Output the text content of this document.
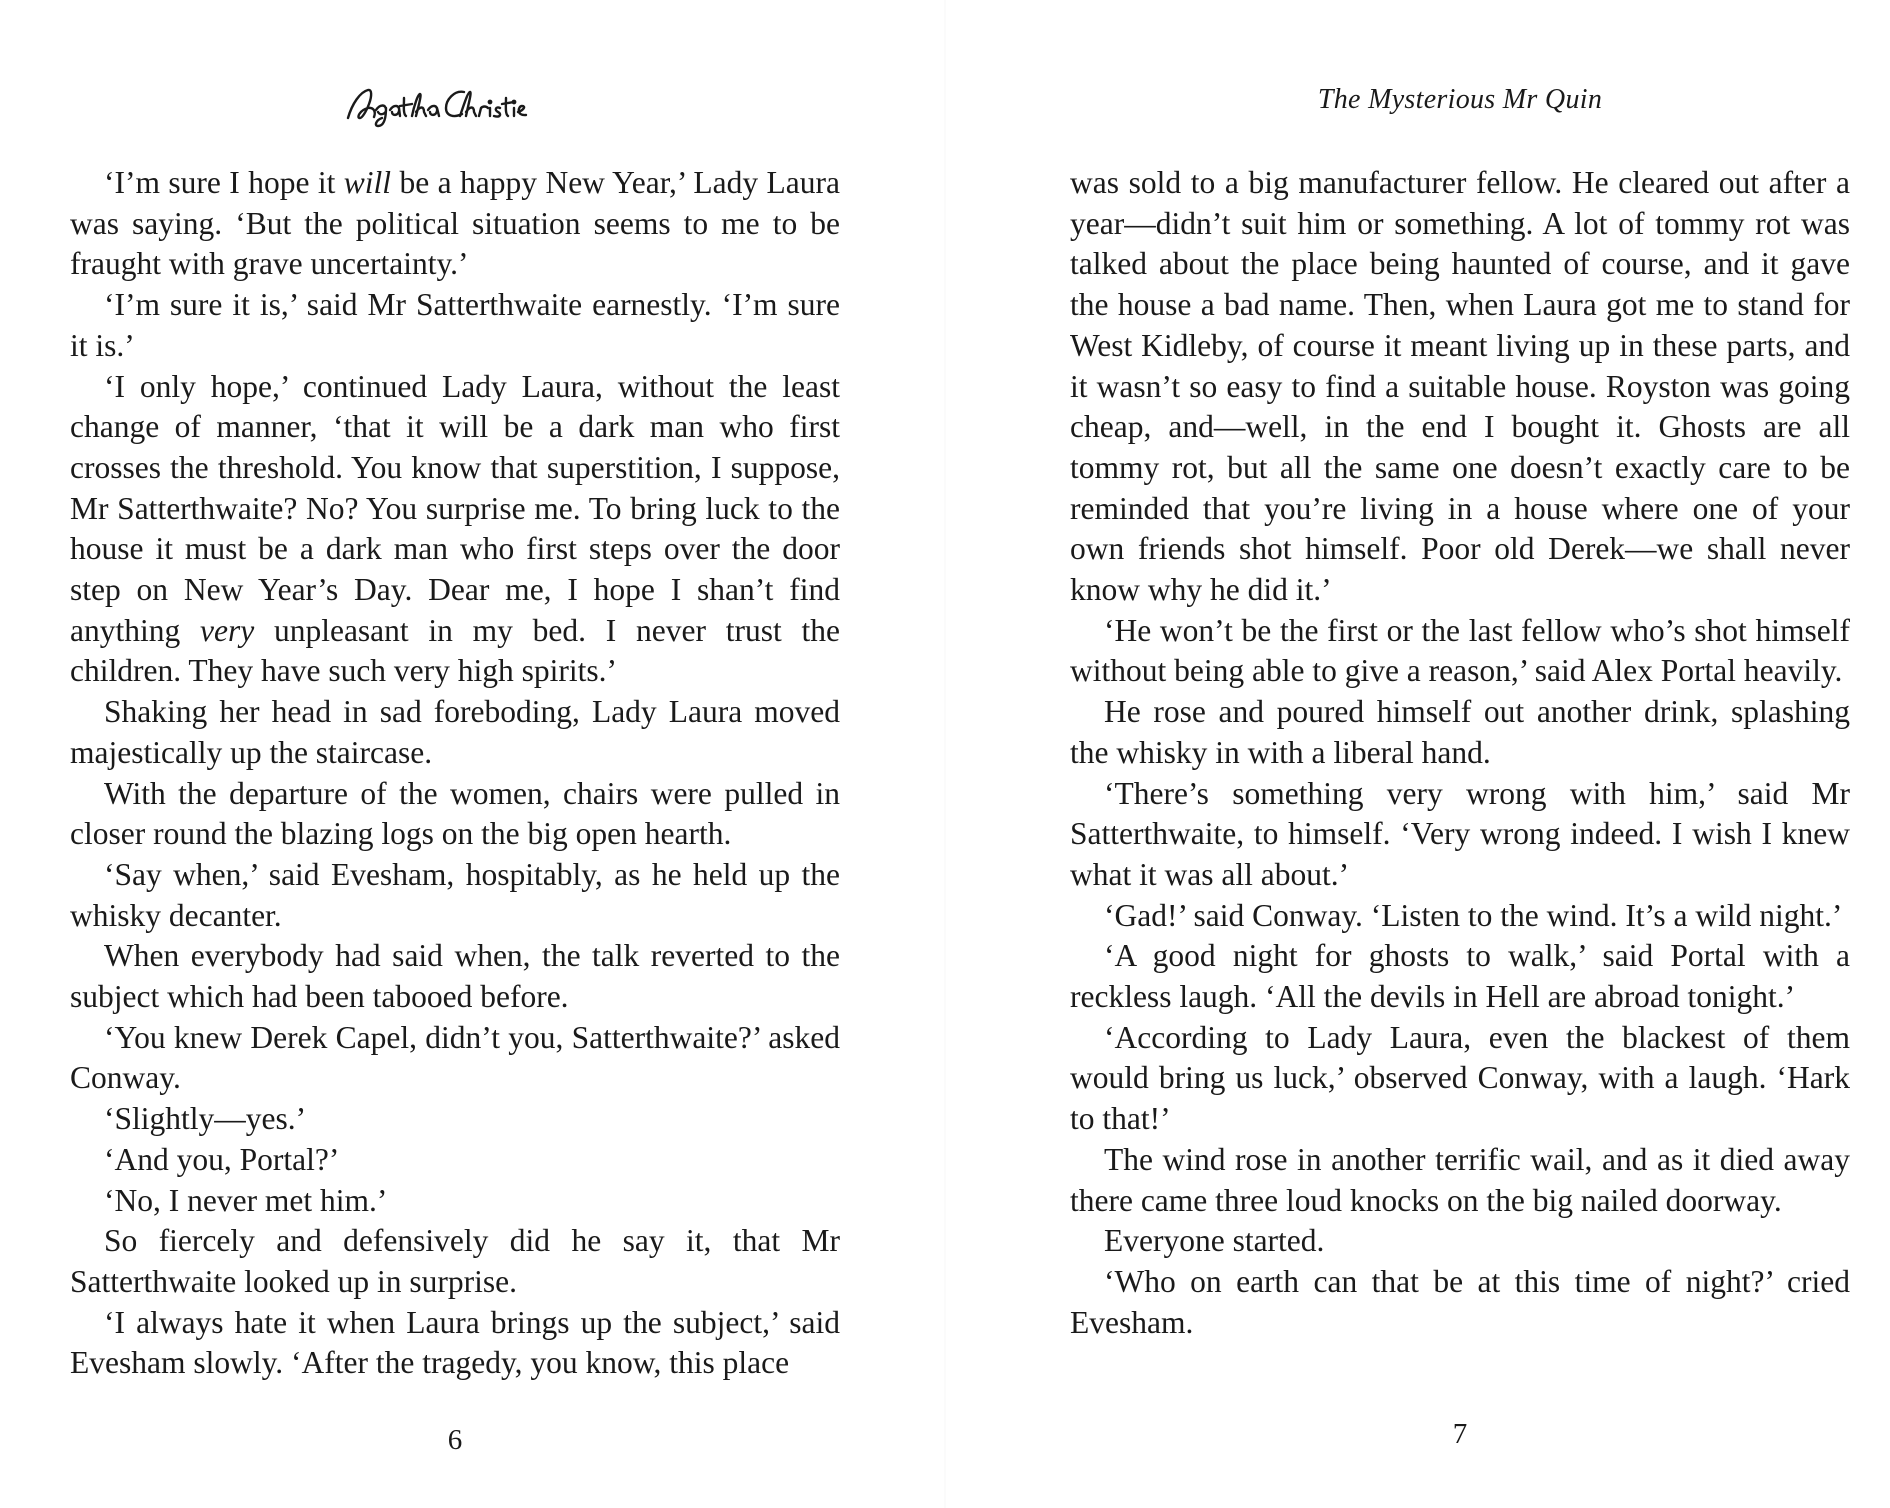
‘I’m sure I hope it will be a happy New Year,’ Lady Laura was saying. ‘But the political situation seems to me to be fraught with grave uncertainty.’

‘I’m sure it is,’ said Mr Satterthwaite earnestly. ‘I’m sure it is.’

‘I only hope,’ continued Lady Laura, without the least change of manner, ‘that it will be a dark man who first crosses the threshold. You know that superstition, I suppose, Mr Satterthwaite? No? You surprise me. To bring luck to the house it must be a dark man who first steps over the door step on New Year’s Day. Dear me, I hope I shan’t find anything very unpleasant in my bed. I never trust the children. They have such very high spirits.’

Shaking her head in sad foreboding, Lady Laura moved majestically up the staircase.

With the departure of the women, chairs were pulled in closer round the blazing logs on the big open hearth.

‘Say when,’ said Evesham, hospitably, as he held up the whisky decanter.

When everybody had said when, the talk reverted to the subject which had been tabooed before.

‘You knew Derek Capel, didn’t you, Satterthwaite?’ asked Conway.

‘Slightly—yes.’

‘And you, Portal?’

‘No, I never met him.’

So fiercely and defensively did he say it, that Mr Satterthwaite looked up in surprise.

‘I always hate it when Laura brings up the subject,’ said Evesham slowly. ‘After the tragedy, you know, this place

6
The Mysterious Mr Quin

was sold to a big manufacturer fellow. He cleared out after a year—didn’t suit him or something. A lot of tommy rot was talked about the place being haunted of course, and it gave the house a bad name. Then, when Laura got me to stand for West Kidleby, of course it meant living up in these parts, and it wasn’t so easy to find a suitable house. Royston was going cheap, and—well, in the end I bought it. Ghosts are all tommy rot, but all the same one doesn’t exactly care to be reminded that you’re living in a house where one of your own friends shot himself. Poor old Derek—we shall never know why he did it.’

‘He won’t be the first or the last fellow who’s shot himself without being able to give a reason,’ said Alex Portal heavily.

He rose and poured himself out another drink, splashing the whisky in with a liberal hand.

‘There’s something very wrong with him,’ said Mr Satterthwaite, to himself. ‘Very wrong indeed. I wish I knew what it was all about.’

‘Gad!’ said Conway. ‘Listen to the wind. It’s a wild night.’

‘A good night for ghosts to walk,’ said Portal with a reckless laugh. ‘All the devils in Hell are abroad tonight.’

‘According to Lady Laura, even the blackest of them would bring us luck,’ observed Conway, with a laugh. ‘Hark to that!’

The wind rose in another terrific wail, and as it died away there came three loud knocks on the big nailed doorway.

Everyone started.

‘Who on earth can that be at this time of night?’ cried Evesham.

7
